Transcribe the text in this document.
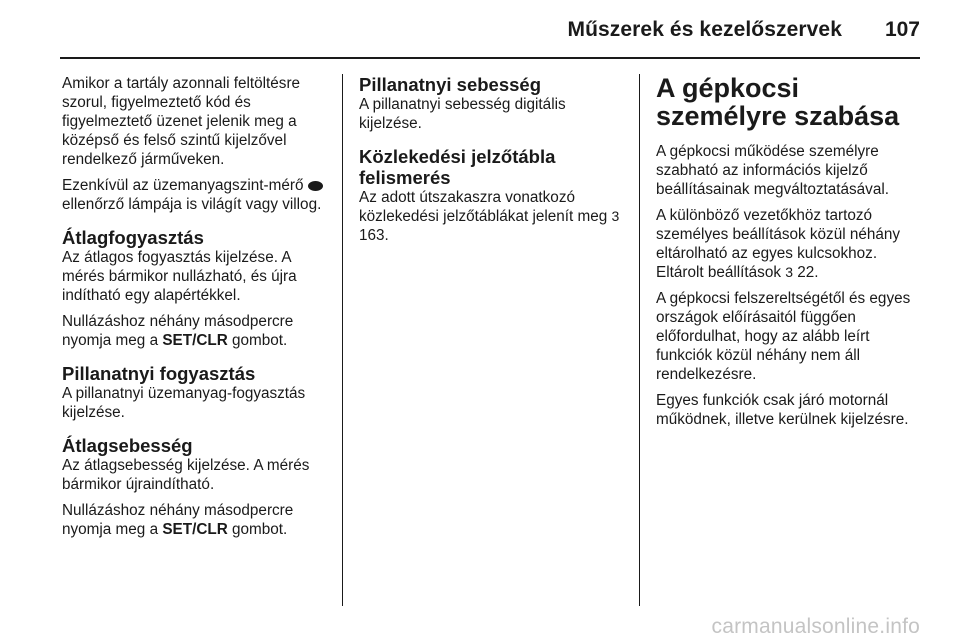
Műszerek és kezelőszervek 107

Amikor a tartály azonnali feltöltésre szorul, figyelmeztető kód és figyelmeztető üzenet jelenik meg a középső és felső szintű kijelzővel rendelkező járműveken.

Ezenkívül az üzemanyagszint-mérő  ellenőrző lámpája is világít vagy villog.

Átlagfogyasztás

Az átlagos fogyasztás kijelzése. A mérés bármikor nullázható, és újra indítható egy alapértékkel.

Nullázáshoz néhány másodpercre nyomja meg a SET/CLR gombot.

Pillanatnyi fogyasztás

A pillanatnyi üzemanyag-fogyasztás kijelzése.

Átlagsebesség

Az átlagsebesség kijelzése. A mérés bármikor újraindítható.

Nullázáshoz néhány másodpercre nyomja meg a SET/CLR gombot.

Pillanatnyi sebesség

A pillanatnyi sebesség digitális kijelzése.

Közlekedési jelzőtábla felismerés

Az adott útszakaszra vonatkozó közlekedési jelzőtáblákat jelenít meg 3 163.

A gépkocsi személyre szabása

A gépkocsi működése személyre szabható az információs kijelző beállításainak megváltoztatásával.

A különböző vezetőkhöz tartozó személyes beállítások közül néhány eltárolható az egyes kulcsokhoz. Eltárolt beállítások 3 22.

A gépkocsi felszereltségétől és egyes országok előírásaitól függően előfordulhat, hogy az alább leírt funkciók közül néhány nem áll rendelkezésre.

Egyes funkciók csak járó motornál működnek, illetve kerülnek kijelzésre.

carmanualsonline.info
